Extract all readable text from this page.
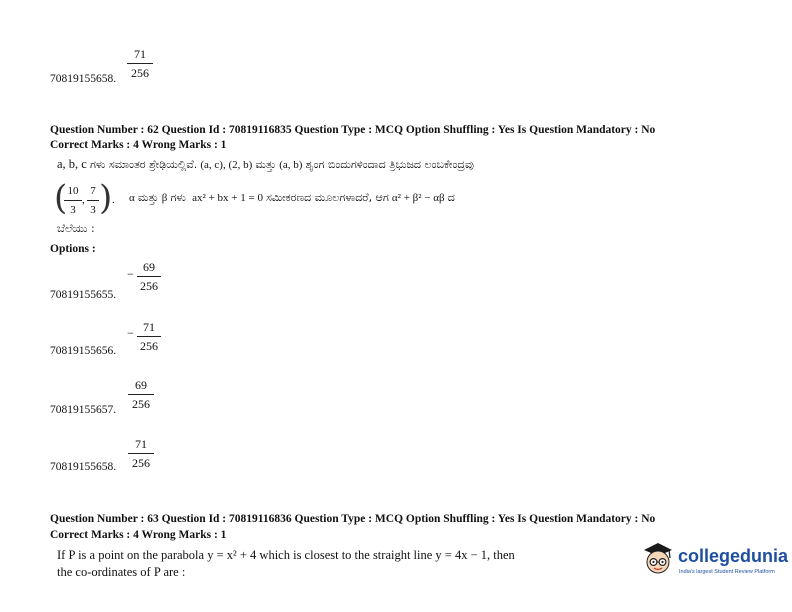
71
256
70819155658.
Question Number : 62 Question Id : 70819116835 Question Type : MCQ Option Shuffling : Yes Is Question Mandatory : No
Correct Marks : 4 Wrong Marks : 1
a, b, c ಗಳು ಸಮಾಂತರ ಶ್ರೇಢಿಯಲ್ಲಿವೆ. (a, c), (2, b) ಮತ್ತು (a, b) ಶೃಂಗ ಬಿಂದುಗಳಿಂದಾದ ತ್ರಿಭುಜದ ಲಂಬಕೇಂದ್ರವು
( 10
3
,
7
3 ) . α ಮತ್ತು β ಗಳು ax² + bx + 1 = 0 ಸಮೀಕರಣದ ಮೂಲಗಳಾದರೆ, ಆಗ α² + β² − αβ ದ
ಬೆಲೆಯು :
Options :
− 69
256
70819155655.
− 71
256
70819155656.
69
256
70819155657.
71
256
70819155658.
Question Number : 63 Question Id : 70819116836 Question Type : MCQ Option Shuffling : Yes Is Question Mandatory : No
Correct Marks : 4 Wrong Marks : 1
If P is a point on the parabola y = x² + 4 which is closest to the straight line y = 4x − 1, then
the co-ordinates of P are :
collegedunia
India's largest Student Review Platform
